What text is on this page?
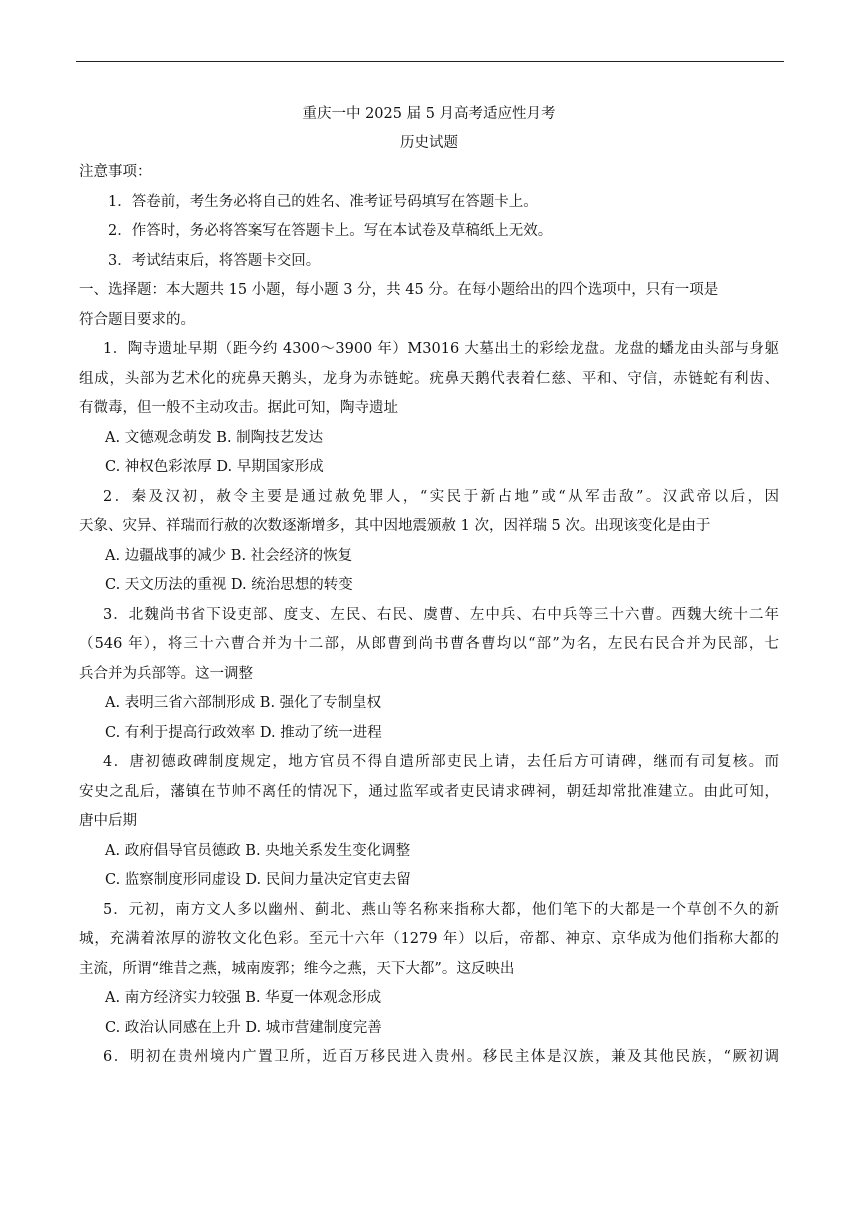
重庆一中 2025 届 5 月高考适应性月考
历史试题
注意事项：
1．答卷前，考生务必将自己的姓名、准考证号码填写在答题卡上。
2．作答时，务必将答案写在答题卡上。写在本试卷及草稿纸上无效。
3．考试结束后，将答题卡交回。
一、选择题：本大题共 15 小题，每小题 3 分，共 45 分。在每小题给出的四个选项中，只有一项是
符合题目要求的。
1．陶寺遗址早期（距今约 4300～3900 年）M3016 大墓出土的彩绘龙盘。龙盘的蟠龙由头部与身躯
组成，头部为艺术化的疣鼻天鹅头，龙身为赤链蛇。疣鼻天鹅代表着仁慈、平和、守信，赤链蛇有利齿、
有微毒，但一般不主动攻击。据此可知，陶寺遗址
A. 文德观念萌发 B. 制陶技艺发达
C. 神权色彩浓厚 D. 早期国家形成
2．秦及汉初，赦令主要是通过赦免罪人，“实民于新占地”或“从军击敌”。汉武帝以后，因
天象、灾异、祥瑞而行赦的次数逐渐增多，其中因地震颁赦 1 次，因祥瑞 5 次。出现该变化是由于
A. 边疆战事的减少 B. 社会经济的恢复
C. 天文历法的重视 D. 统治思想的转变
3．北魏尚书省下设吏部、度支、左民、右民、虞曹、左中兵、右中兵等三十六曹。西魏大统十二年
（546 年），将三十六曹合并为十二部，从郎曹到尚书曹各曹均以“部”为名，左民右民合并为民部，七
兵合并为兵部等。这一调整
A. 表明三省六部制形成 B. 强化了专制皇权
C. 有利于提高行政效率 D. 推动了统一进程
4．唐初德政碑制度规定，地方官员不得自遣所部吏民上请，去任后方可请碑，继而有司复核。而
安史之乱后，藩镇在节帅不离任的情况下，通过监军或者吏民请求碑祠，朝廷却常批准建立。由此可知，
唐中后期
A. 政府倡导官员德政 B. 央地关系发生变化调整
C. 监察制度形同虚设 D. 民间力量决定官吏去留
5．元初，南方文人多以幽州、蓟北、燕山等名称来指称大都，他们笔下的大都是一个草创不久的新
城，充满着浓厚的游牧文化色彩。至元十六年（1279 年）以后，帝都、神京、京华成为他们指称大都的
主流，所谓“维昔之燕，城南废郛；维今之燕，天下大都”。这反映出
A. 南方经济实力较强 B. 华夏一体观念形成
C. 政治认同感在上升 D. 城市营建制度完善
6．明初在贵州境内广置卫所，近百万移民进入贵州。移民主体是汉族，兼及其他民族，“厥初调
